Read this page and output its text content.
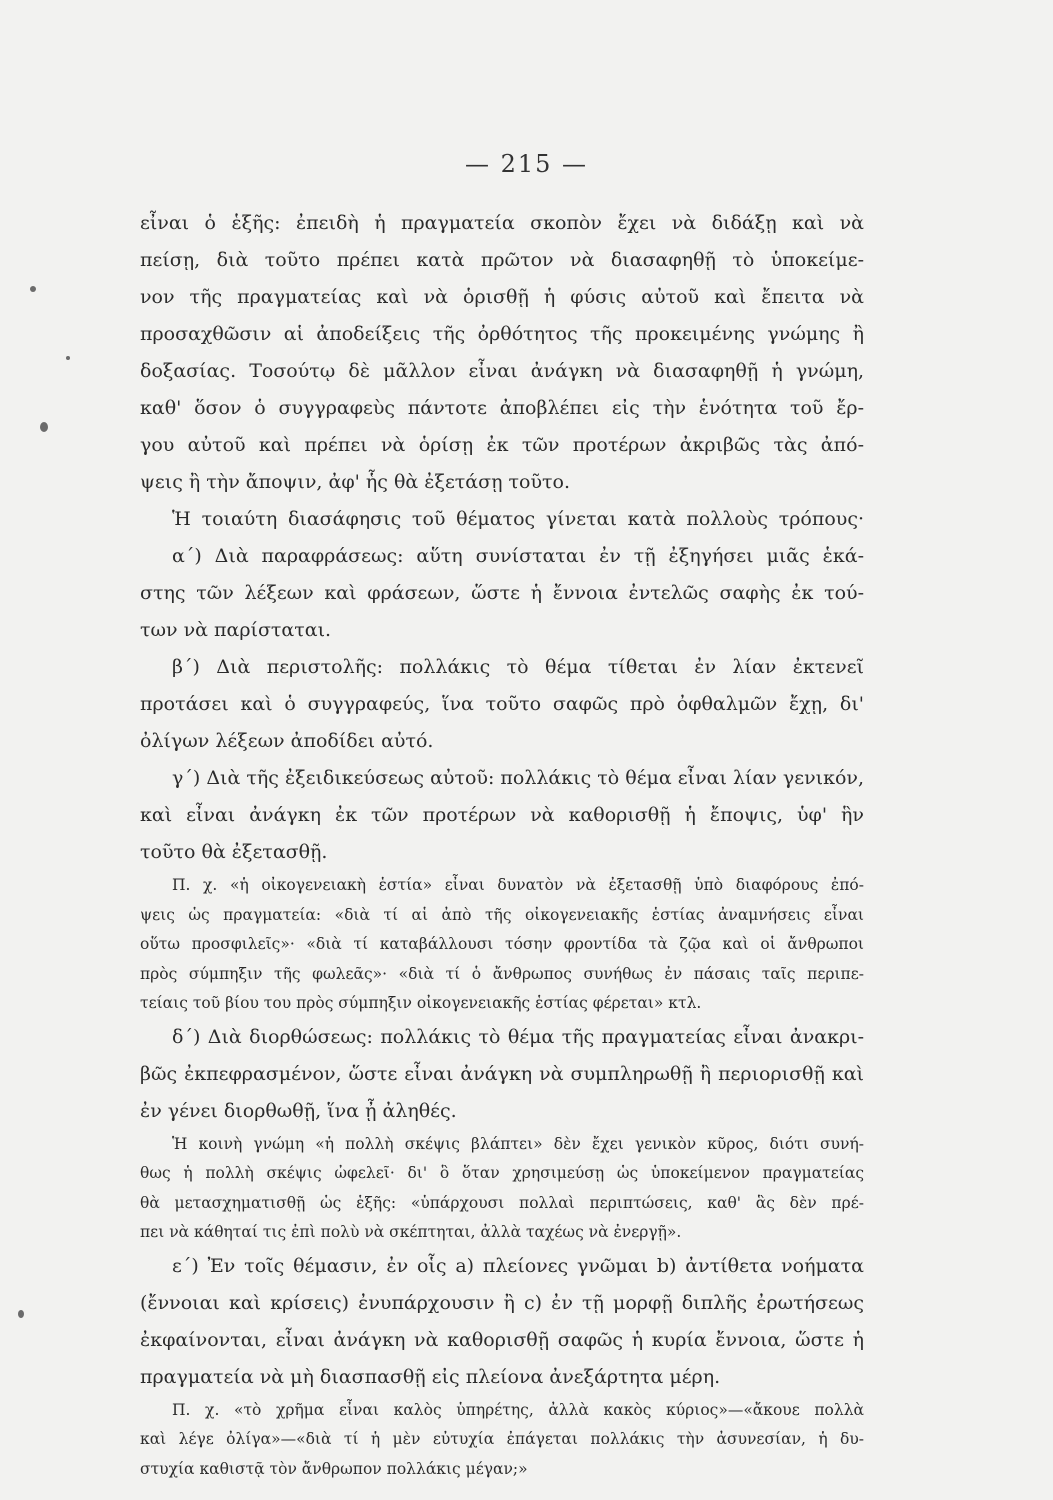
— 215 —
εἶναι ὁ ἑξῆς: ἐπειδὴ ἡ πραγματεία σκοπὸν ἔχει νὰ διδάξῃ καὶ νὰ
πείσῃ, διὰ τοῦτο πρέπει κατὰ πρῶτον νὰ διασαφηθῇ τὸ ὑποκείμε-
νον τῆς πραγματείας καὶ νὰ ὁρισθῇ ἡ φύσις αὐτοῦ καὶ ἔπειτα νὰ
προσαχθῶσιν αἱ ἀποδείξεις τῆς ὀρθότητος τῆς προκειμένης γνώμης ἢ
δοξασίας. Τοσούτῳ δὲ μᾶλλον εἶναι ἀνάγκη νὰ διασαφηθῇ ἡ γνώμη,
καθ' ὅσον ὁ συγγραφεὺς πάντοτε ἀποβλέπει εἰς τὴν ἑνότητα τοῦ ἔρ-
γου αὐτοῦ καὶ πρέπει νὰ ὁρίσῃ ἐκ τῶν προτέρων ἀκριβῶς τὰς ἀπό-
ψεις ἢ τὴν ἄποψιν, ἀφ' ἧς θὰ ἐξετάσῃ τοῦτο.
Ἡ τοιαύτη διασάφησις τοῦ θέματος γίνεται κατὰ πολλοὺς τρόπους·
α΄) Διὰ παραφράσεως: αὕτη συνίσταται ἐν τῇ ἐξηγήσει μιᾶς ἑκά-
στης τῶν λέξεων καὶ φράσεων, ὥστε ἡ ἔννοια ἐντελῶς σαφὴς ἐκ τού-
των νὰ παρίσταται.
β΄) Διὰ περιστολῆς: πολλάκις τὸ θέμα τίθεται ἐν λίαν ἐκτενεῖ
προτάσει καὶ ὁ συγγραφεύς, ἵνα τοῦτο σαφῶς πρὸ ὀφθαλμῶν ἔχῃ, δι'
ὀλίγων λέξεων ἀποδίδει αὐτό.
γ΄) Διὰ τῆς ἐξειδικεύσεως αὐτοῦ: πολλάκις τὸ θέμα εἶναι λίαν γενικόν,
καὶ εἶναι ἀνάγκη ἐκ τῶν προτέρων νὰ καθορισθῇ ἡ ἔποψις, ὑφ' ἣν
τοῦτο θὰ ἐξετασθῇ.
Π. χ. «ἡ οἰκογενειακὴ ἑστία» εἶναι δυνατὸν νὰ ἐξετασθῇ ὑπὸ διαφόρους ἐπό-
ψεις ὡς πραγματεία: «διὰ τί αἱ ἀπὸ τῆς οἰκογενειακῆς ἑστίας ἀναμνήσεις εἶναι
οὕτω προσφιλεῖς»· «διὰ τί καταβάλλουσι τόσην φροντίδα τὰ ζῷα καὶ οἱ ἄνθρωποι
πρὸς σύμπηξιν τῆς φωλεᾶς»· «διὰ τί ὁ ἄνθρωπος συνήθως ἐν πάσαις ταῖς περιπε-
τείαις τοῦ βίου του πρὸς σύμπηξιν οἰκογενειακῆς ἑστίας φέρεται» κτλ.
δ΄) Διὰ διορθώσεως: πολλάκις τὸ θέμα τῆς πραγματείας εἶναι ἀνακρι-
βῶς ἐκπεφρασμένον, ὥστε εἶναι ἀνάγκη νὰ συμπληρωθῇ ἢ περιορισθῇ καὶ
ἐν γένει διορθωθῇ, ἵνα ᾖ ἀληθές.
Ἡ κοινὴ γνώμη «ἡ πολλὴ σκέψις βλάπτει» δὲν ἔχει γενικὸν κῦρος, διότι συνή-
θως ἡ πολλὴ σκέψις ὠφελεῖ· δι' ὃ ὅταν χρησιμεύσῃ ὡς ὑποκείμενον πραγματείας
θὰ μετασχηματισθῇ ὡς ἑξῆς: «ὑπάρχουσι πολλαὶ περιπτώσεις, καθ' ἃς δὲν πρέ-
πει νὰ κάθηταί τις ἐπὶ πολὺ νὰ σκέπτηται, ἀλλὰ ταχέως νὰ ἐνεργῇ».
ε΄) Ἐν τοῖς θέμασιν, ἐν οἷς a) πλείονες γνῶμαι b) ἀντίθετα νοήματα
(ἔννοιαι καὶ κρίσεις) ἐνυπάρχουσιν ἢ c) ἐν τῇ μορφῇ διπλῆς ἐρωτήσεως
ἐκφαίνονται, εἶναι ἀνάγκη νὰ καθορισθῇ σαφῶς ἡ κυρία ἔννοια, ὥστε ἡ
πραγματεία νὰ μὴ διασπασθῇ εἰς πλείονα ἀνεξάρτητα μέρη.
Π. χ. «τὸ χρῆμα εἶναι καλὸς ὑπηρέτης, ἀλλὰ κακὸς κύριος»—«ἄκουε πολλὰ
καὶ λέγε ὀλίγα»—«διὰ τί ἡ μὲν εὐτυχία ἐπάγεται πολλάκις τὴν ἀσυνεσίαν, ἡ δυ-
στυχία καθιστᾷ τὸν ἄνθρωπον πολλάκις μέγαν;»
